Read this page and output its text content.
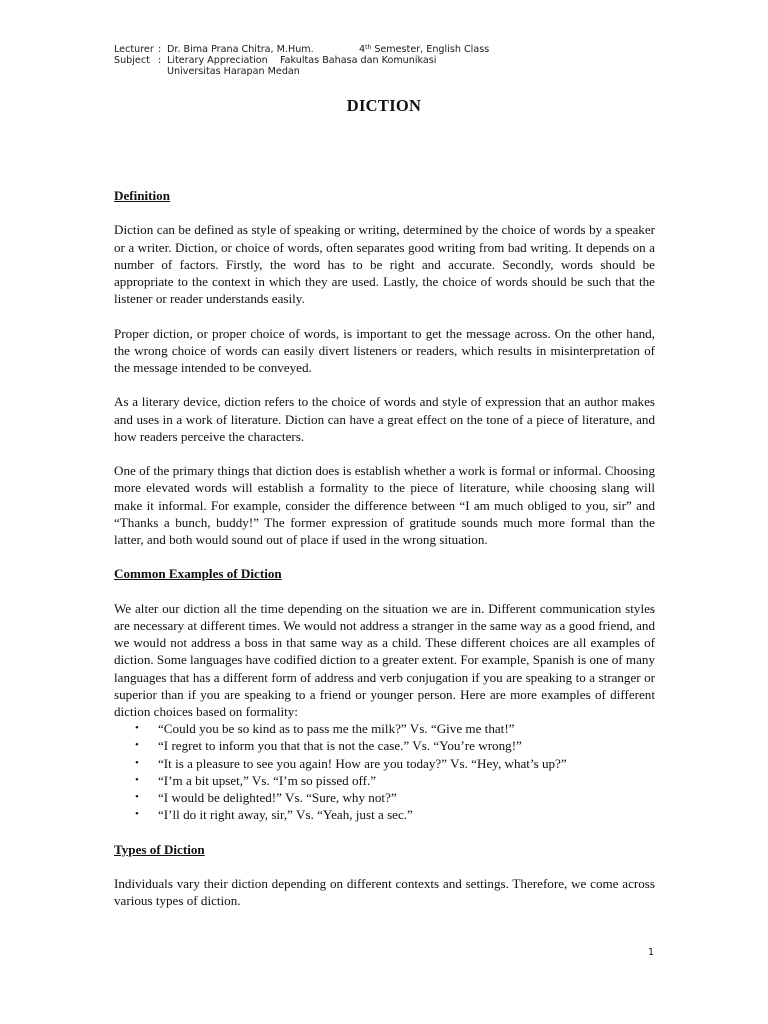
Lecturer : Dr. Bima Prana Chitra, M.Hum.	4th Semester, English Class
Subject : Literary Appreciation Fakultas Bahasa dan Komunikasi
Universitas Harapan Medan
DICTION
Definition

Diction can be defined as style of speaking or writing, determined by the choice of words by a speaker or a writer. Diction, or choice of words, often separates good writing from bad writing. It depends on a number of factors. Firstly, the word has to be right and accurate. Secondly, words should be appropriate to the context in which they are used. Lastly, the choice of words should be such that the listener or reader understands easily.

Proper diction, or proper choice of words, is important to get the message across. On the other hand, the wrong choice of words can easily divert listeners or readers, which results in misinterpretation of the message intended to be conveyed.

As a literary device, diction refers to the choice of words and style of expression that an author makes and uses in a work of literature. Diction can have a great effect on the tone of a piece of literature, and how readers perceive the characters.

One of the primary things that diction does is establish whether a work is formal or informal. Choosing more elevated words will establish a formality to the piece of literature, while choosing slang will make it informal. For example, consider the difference between “I am much obliged to you, sir” and “Thanks a bunch, buddy!” The former expression of gratitude sounds much more formal than the latter, and both would sound out of place if used in the wrong situation.

Common Examples of Diction

We alter our diction all the time depending on the situation we are in. Different communication styles are necessary at different times. We would not address a stranger in the same way as a good friend, and we would not address a boss in that same way as a child. These different choices are all examples of diction. Some languages have codified diction to a greater extent. For example, Spanish is one of many languages that has a different form of address and verb conjugation if you are speaking to a stranger or superior than if you are speaking to a friend or younger person. Here are more examples of different diction choices based on formality:

• “Could you be so kind as to pass me the milk?” Vs. “Give me that!”
• “I regret to inform you that that is not the case.” Vs. “You’re wrong!”
• “It is a pleasure to see you again! How are you today?” Vs. “Hey, what’s up?”
• “I’m a bit upset,” Vs. “I’m so pissed off.”
• “I would be delighted!” Vs. “Sure, why not?”
• “I’ll do it right away, sir,” Vs. “Yeah, just a sec.”
Types of Diction

Individuals vary their diction depending on different contexts and settings. Therefore, we come across various types of diction.

1
